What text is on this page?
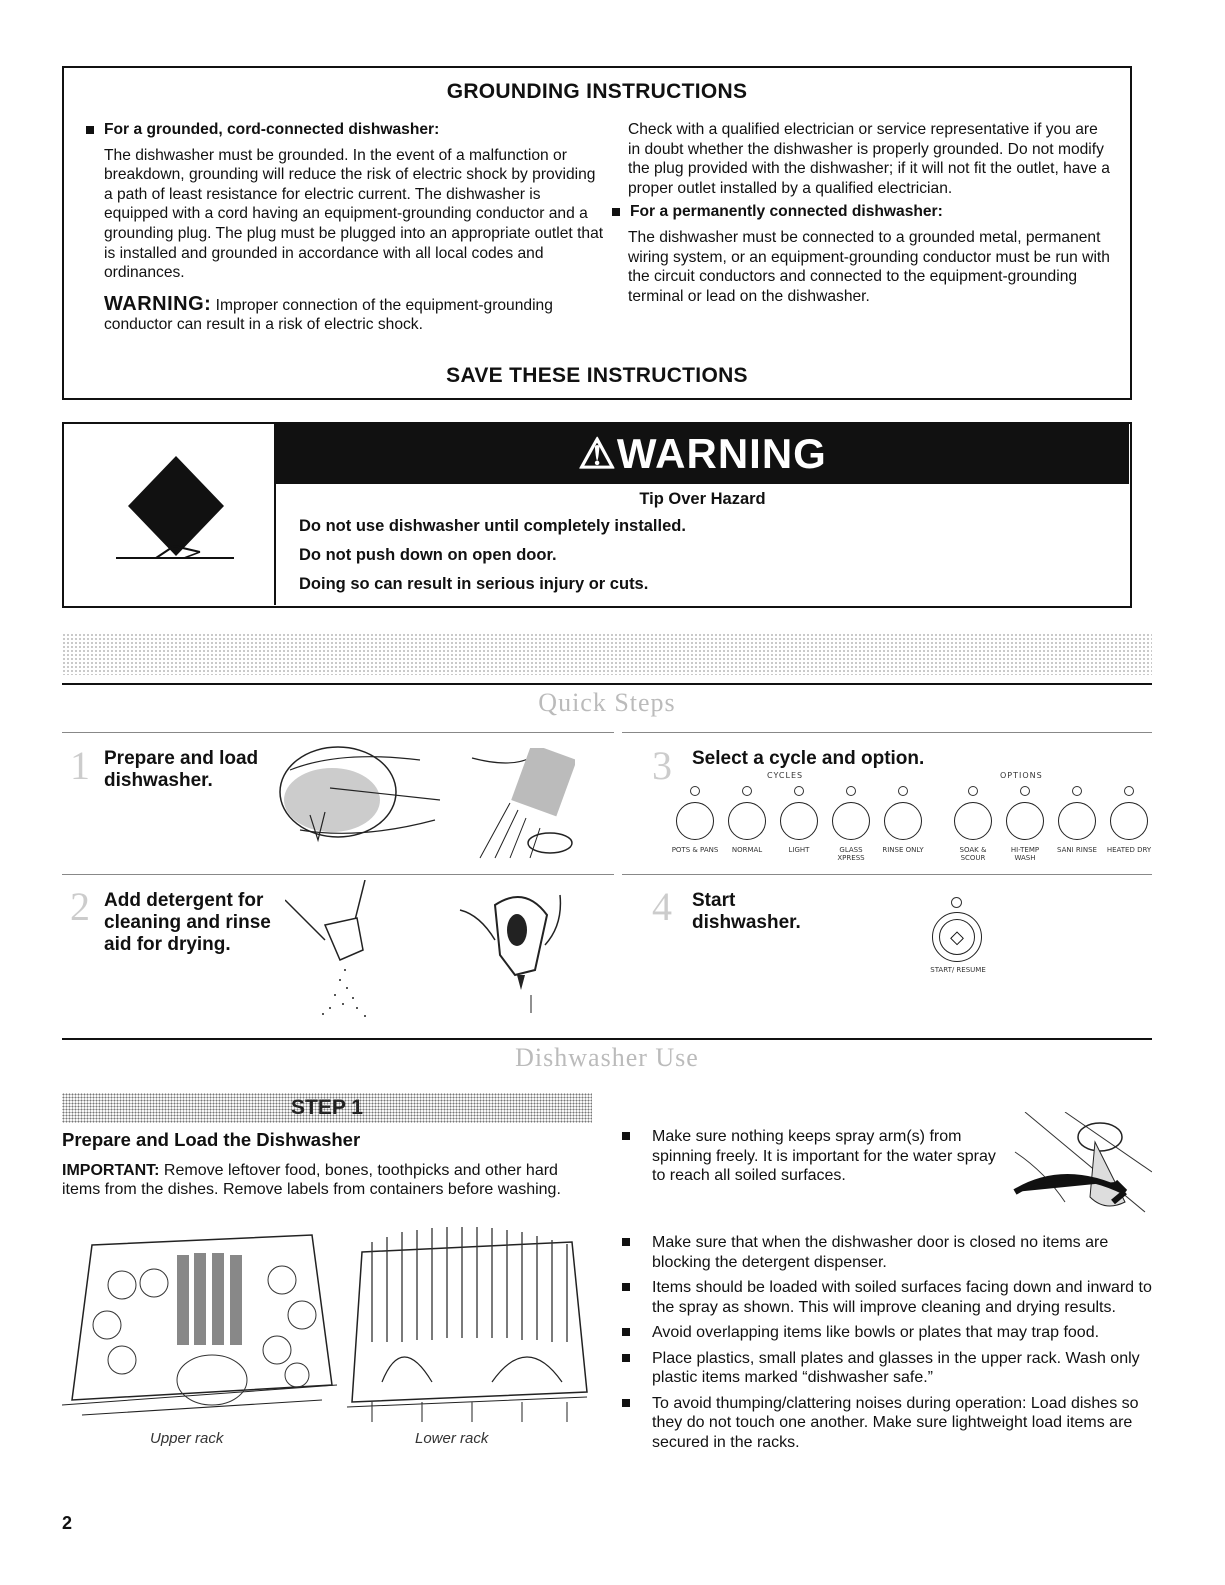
GROUNDING INSTRUCTIONS
For a grounded, cord-connected dishwasher:

The dishwasher must be grounded. In the event of a malfunction or breakdown, grounding will reduce the risk of electric shock by providing a path of least resistance for electric current. The dishwasher is equipped with a cord having an equipment-grounding conductor and a grounding plug. The plug must be plugged into an appropriate outlet that is installed and grounded in accordance with all local codes and ordinances.

WARNING: Improper connection of the equipment-grounding conductor can result in a risk of electric shock.

Check with a qualified electrician or service representative if you are in doubt whether the dishwasher is properly grounded. Do not modify the plug provided with the dishwasher; if it will not fit the outlet, have a proper outlet installed by a qualified electrician.

For a permanently connected dishwasher:

The dishwasher must be connected to a grounded metal, permanent wiring system, or an equipment-grounding conductor must be run with the circuit conductors and connected to the equipment-grounding terminal or lead on the dishwasher.

SAVE THESE INSTRUCTIONS
⚠WARNING
Tip Over Hazard
Do not use dishwasher until completely installed.
Do not push down on open door.
Doing so can result in serious injury or cuts.
Quick Steps
1 Prepare and load dishwasher.	3 Select a cycle and option.
CYCLES	OPTIONS
POTS & PANS	NORMAL	LIGHT	GLASS XPRESS
RINSE ONLY	SOAK & SCOUR
HI-TEMP WASH
SANI RINSE	HEATED DRY
2 Add detergent for cleaning and rinse aid for drying.
4 Start dishwasher.
◇
START/ RESUME
Dishwasher Use
STEP 1
Prepare and Load the Dishwasher
IMPORTANT: Remove leftover food, bones, toothpicks and other hard items from the dishes. Remove labels from containers before washing.
Upper rack	Lower rack
Make sure nothing keeps spray arm(s) from spinning freely. It is important for the water spray to reach all soiled surfaces.
Make sure that when the dishwasher door is closed no items are blocking the detergent dispenser.
Items should be loaded with soiled surfaces facing down and inward to the spray as shown. This will improve cleaning and drying results.
Avoid overlapping items like bowls or plates that may trap food.
Place plastics, small plates and glasses in the upper rack. Wash only plastic items marked “dishwasher safe.”
To avoid thumping/clattering noises during operation: Load dishes so they do not touch one another. Make sure lightweight load items are secured in the racks.
2
